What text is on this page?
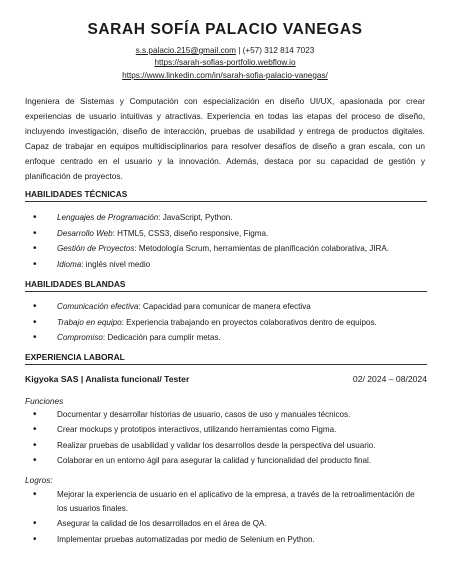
SARAH SOFÍA PALACIO VANEGAS
s.s.palacio.215@gmail.com | (+57) 312 814 7023
https://sarah-sofias-portfolio.webflow.io
https://www.linkedin.com/in/sarah-sofia-palacio-vanegas/
Ingeniera de Sistemas y Computación con especialización en diseño UI/UX, apasionada por crear experiencias de usuario intuitivas y atractivas. Experiencia en todas las etapas del proceso de diseño, incluyendo investigación, diseño de interacción, pruebas de usabilidad y entrega de productos digitales. Capaz de trabajar en equipos multidisciplinarios para resolver desafíos de diseño a gran escala, con un enfoque centrado en el usuario y la innovación. Además, destaca por su capacidad de gestión y planificación de proyectos.
HABILIDADES TÉCNICAS
• Lenguajes de Programación: JavaScript, Python.
• Desarrollo Web: HTML5, CSS3, diseño responsive, Figma.
• Gestión de Proyectos: Metodología Scrum, herramientas de planificación colaborativa, JIRA.
• Idioma: inglés nivel medio
HABILIDADES BLANDAS
• Comunicación efectiva: Capacidad para comunicar de manera efectiva
• Trabajo en equipo: Experiencia trabajando en proyectos colaborativos dentro de equipos.
• Compromiso: Dedicación para cumplir metas.
EXPERIENCIA LABORAL
Kigyoka SAS | Analista funcional/ Tester	02/ 2024 – 08/2024
Funciones
• Documentar y desarrollar historias de usuario, casos de uso y manuales técnicos.
• Crear mockups y prototipos interactivos, utilizando herramientas como Figma.
• Realizar pruebas de usabilidad y validar los desarrollos desde la perspectiva del usuario.
• Colaborar en un entorno ágil para asegurar la calidad y funcionalidad del producto final.
Logros:
• Mejorar la experiencia de usuario en el aplicativo de la empresa, a través de la retroalimentación de los usuarios finales.
• Asegurar la calidad de los desarrollados en el área de QA.
• Implementar pruebas automatizadas por medio de Selenium en Python.
